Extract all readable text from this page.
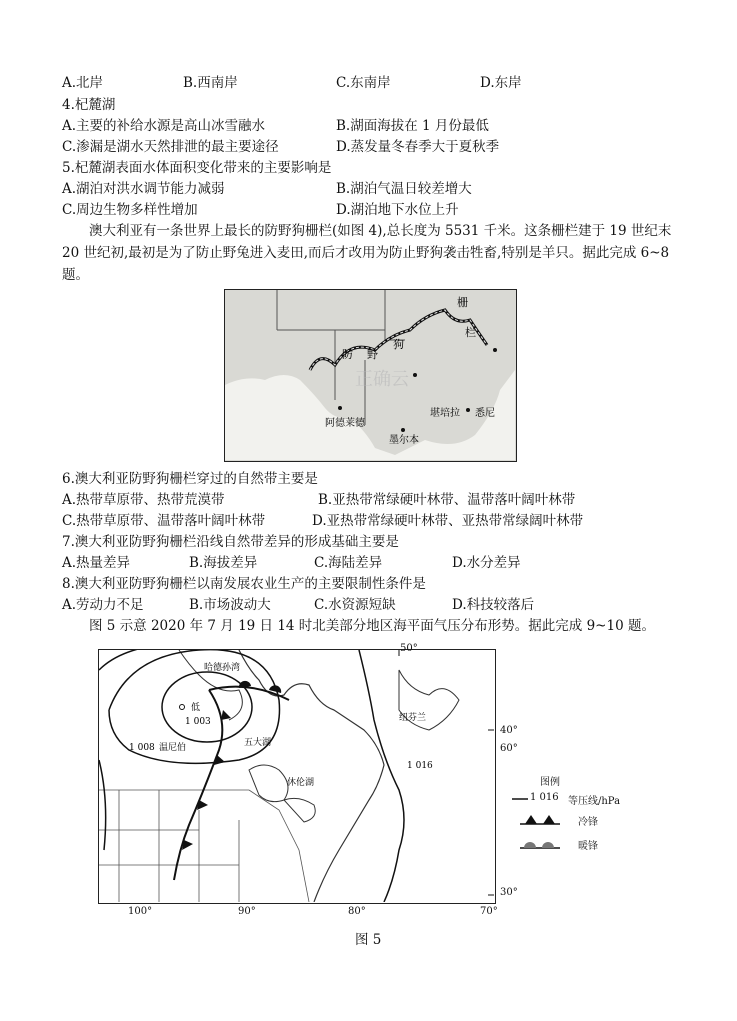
A.北岸	B.西南岸	C.东南岸	D.东岸
4.杞麓湖
A.主要的补给水源是高山冰雪融水	B.湖面海拔在 1 月份最低
C.渗漏是湖水天然排泄的最主要途径	D.蒸发量冬春季大于夏秋季
5.杞麓湖表面水体面积变化带来的主要影响是
A.湖泊对洪水调节能力减弱	B.湖泊气温日较差增大
C.周边生物多样性增加	D.湖泊地下水位上升
澳大利亚有一条世界上最长的防野狗栅栏(如图 4),总长度为 5531 千米。这条栅栏建于 19 世纪末
20 世纪初,最初是为了防止野兔进入麦田,而后才改用为防止野狗袭击牲畜,特别是羊只。据此完成 6~8
题。
防 野
狗
栅
栏
阿德莱德
墨尔本
堪培拉 悉尼
正确云
6.澳大利亚防野狗栅栏穿过的自然带主要是
A.热带草原带、热带荒漠带	B.亚热带常绿硬叶林带、温带落叶阔叶林带
C.热带草原带、温带落叶阔叶林带	D.亚热带常绿硬叶林带、亚热带常绿阔叶林带
7.澳大利亚防野狗栅栏沿线自然带差异的形成基础主要是
A.热量差异	B.海拔差异	C.海陆差异	D.水分差异
8.澳大利亚防野狗栅栏以南发展农业生产的主要限制性条件是
A.劳动力不足	B.市场波动大	C.水资源短缺	D.科技较落后
图 5 示意 2020 年 7 月 19 日 14 时北美部分地区海平面气压分布形势。据此完成 9~10 题。
1 003
1 008
1 016
哈德孙湾
低
温尼伯	五大湖
纽芬兰
休伦湖
100°	90°	80°	70°
50°
40°
60°
30°
图例
1 016 等压线/hPa
冷锋
暖锋
图 5
